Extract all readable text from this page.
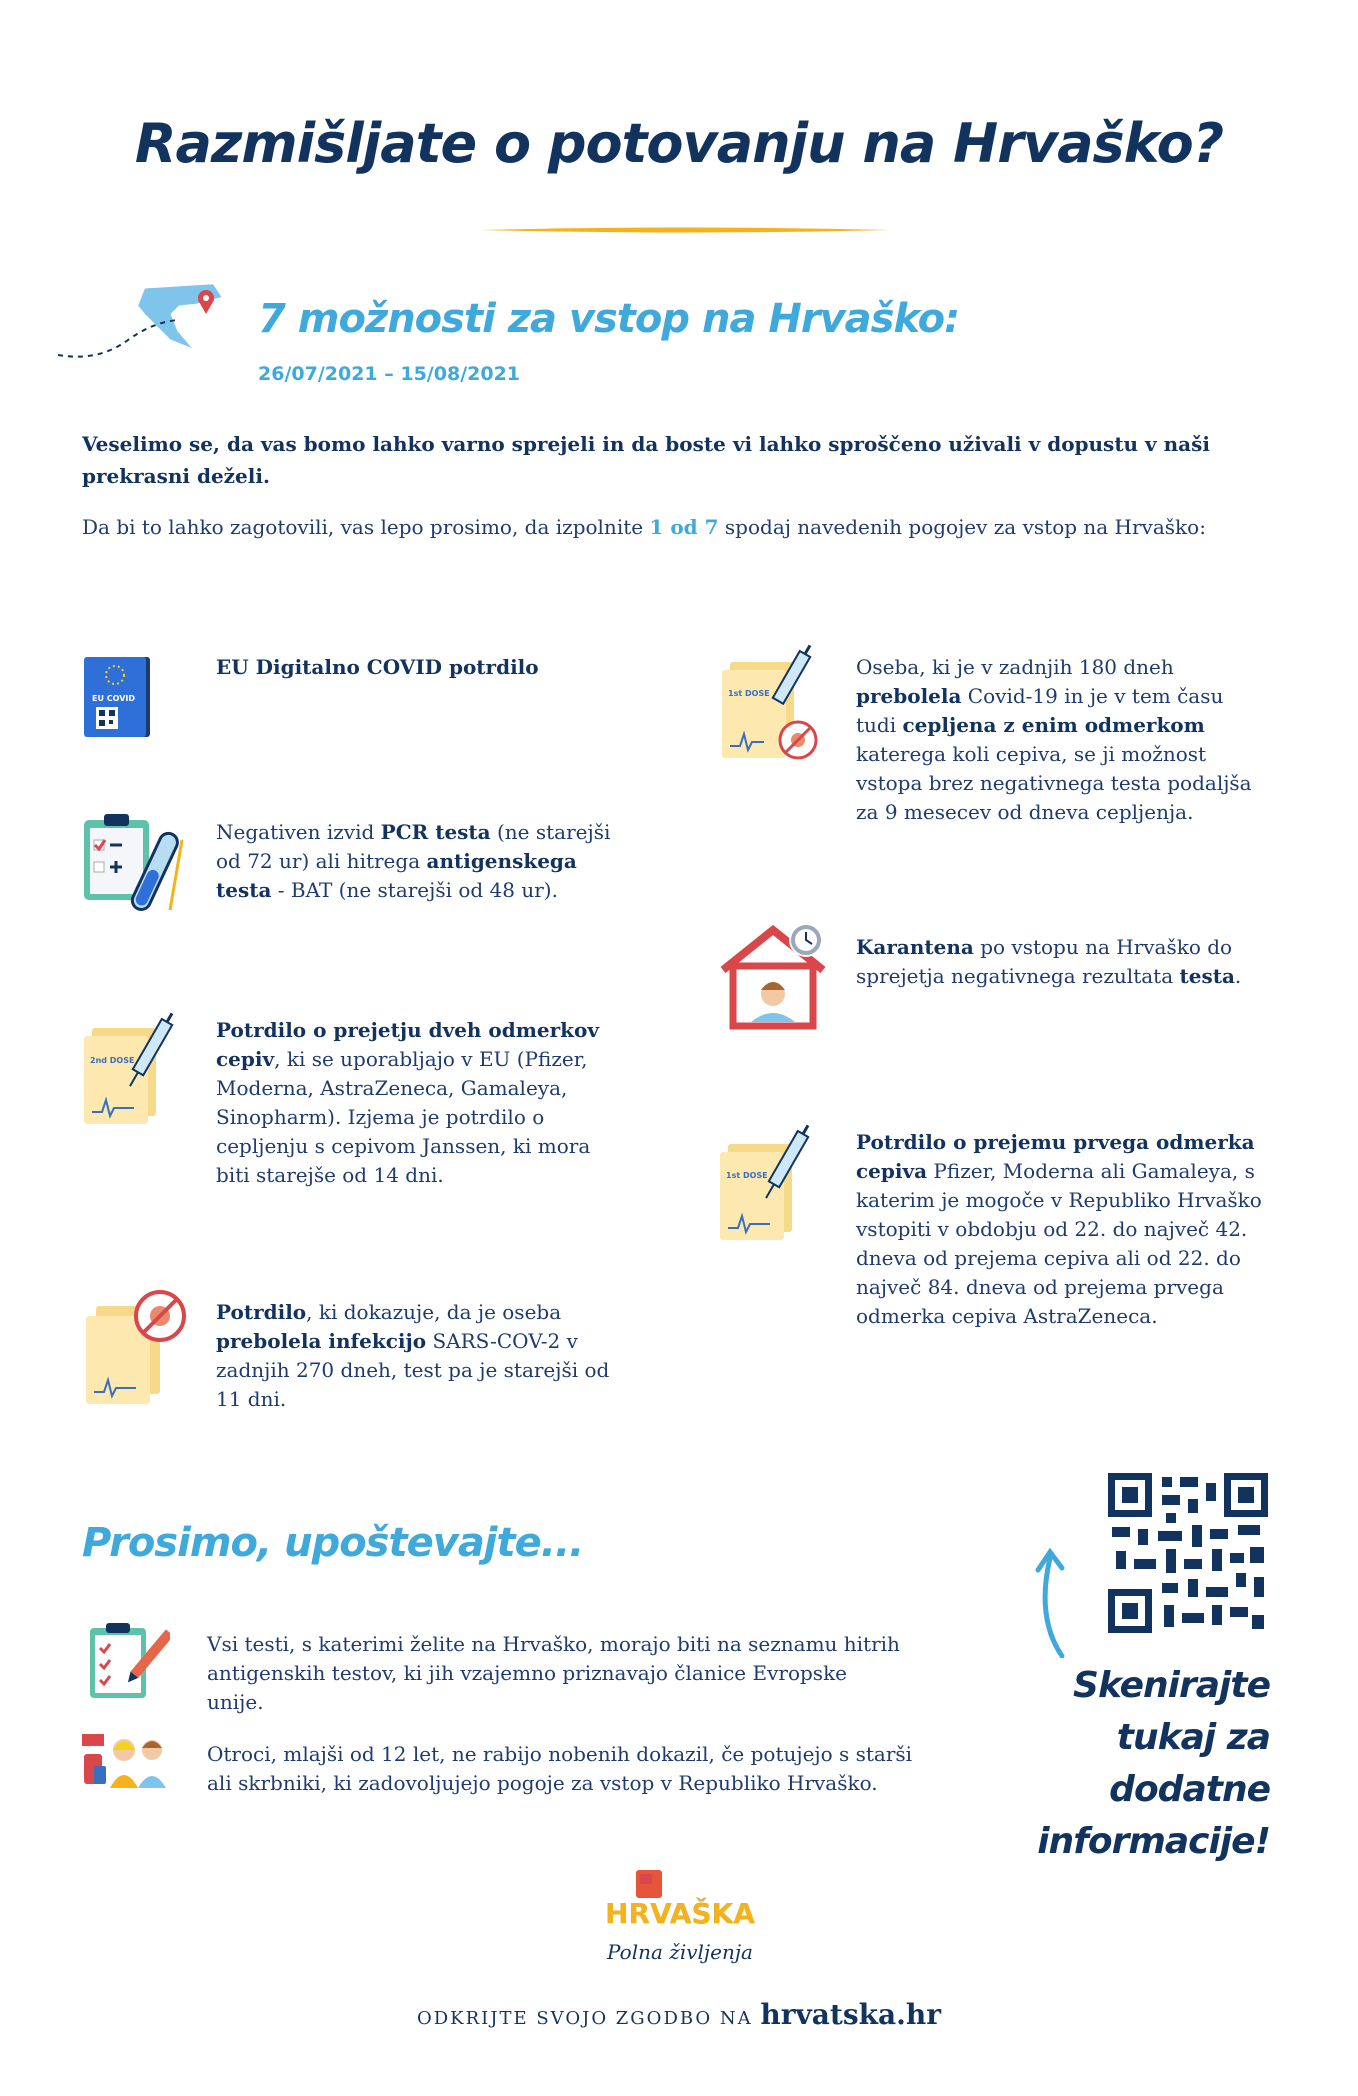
Razmišljate o potovanju na Hrvaško?
7 možnosti za vstop na Hrvaško:
26/07/2021 – 15/08/2021
Veselimo se, da vas bomo lahko varno sprejeli in da boste vi lahko sproščeno uživali v dopustu v naši prekrasni deželi.
Da bi to lahko zagotovili, vas lepo prosimo, da izpolnite 1 od 7 spodaj navedenih pogojev za vstop na Hrvaško:
EU COVID
EU Digitalno COVID potrdilo
Negativen izvid PCR testa (ne starejši od 72 ur) ali hitrega antigenskega testa - BAT (ne starejši od 48 ur).
2nd DOSE
Potrdilo o prejetju dveh odmerkov cepiv, ki se uporabljajo v EU (Pfizer, Moderna, AstraZeneca, Gamaleya, Sinopharm). Izjema je potrdilo o cepljenju s cepivom Janssen, ki mora biti starejše od 14 dni.
Potrdilo, ki dokazuje, da je oseba prebolela infekcijo SARS-COV-2 v zadnjih 270 dneh, test pa je starejši od 11 dni.
1st DOSE
Oseba, ki je v zadnjih 180 dneh prebolela Covid-19 in je v tem času tudi cepljena z enim odmerkom katerega koli cepiva, se ji možnost vstopa brez negativnega testa podaljša za 9 mesecev od dneva cepljenja.
Karantena po vstopu na Hrvaško do sprejetja negativnega rezultata testa.
1st DOSE
Potrdilo o prejemu prvega odmerka cepiva Pfizer, Moderna ali Gamaleya, s katerim je mogoče v Republiko Hrvaško vstopiti v obdobju od 22. do največ 42. dneva od prejema cepiva ali od 22. do največ 84. dneva od prejema prvega odmerka cepiva AstraZeneca.
Prosimo, upoštevajte...
Vsi testi, s katerimi želite na Hrvaško, morajo biti na seznamu hitrih antigenskih testov, ki jih vzajemno priznavajo članice Evropske unije.
Otroci, mlajši od 12 let, ne rabijo nobenih dokazil, če potujejo s starši ali skrbniki, ki zadovoljujejo pogoje za vstop v Republiko Hrvaško.
Skenirajte
tukaj za dodatne
informacije!
HRVAŠKA
Polna življenja
ODKRIJTE SVOJO ZGODBO NA hrvatska.hr
